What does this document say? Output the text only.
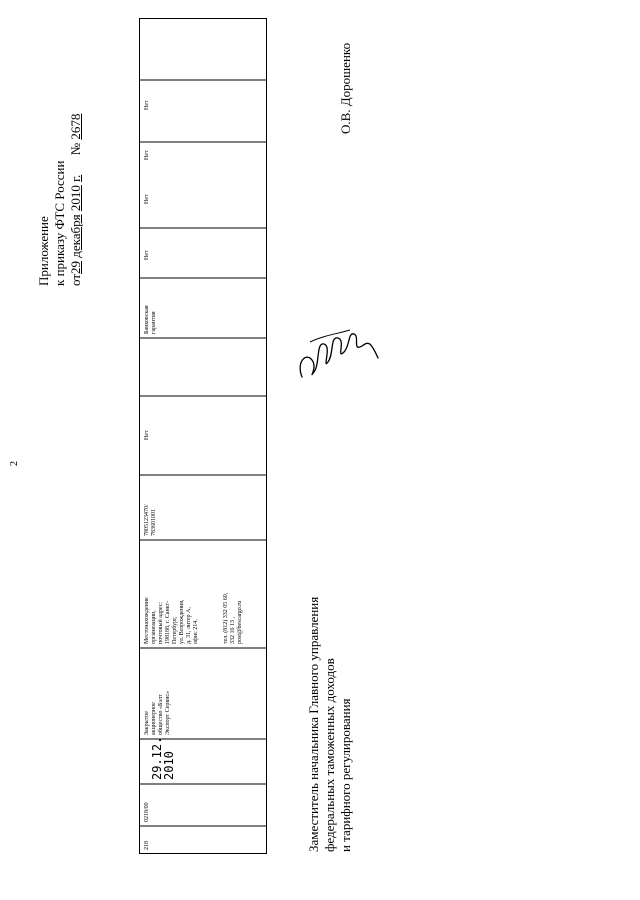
2
Приложение к приказу ФТС России от29 декабря 2010 г.      № 2678
218
0218/00
29.12.
2010
Закрытое
акционерное
общество «Бэлт
Экспорт Сервис»
Местонахождение
организации,
почтовый адрес:
198188, г. Санкт-
Петербург,
ул. Возрождения,
д. 31, литер А,
офис 214,
тел. (812) 332 05 60,
332 16 13 ,
post@bescargo.ru
7805123470/
783601001
Нет
Банковская
гарантия
Нет
Нет
Нет
Нет	О.В. Дорошенко
Заместитель начальника Главного управления федеральных таможенных доходов и тарифного регулирования
